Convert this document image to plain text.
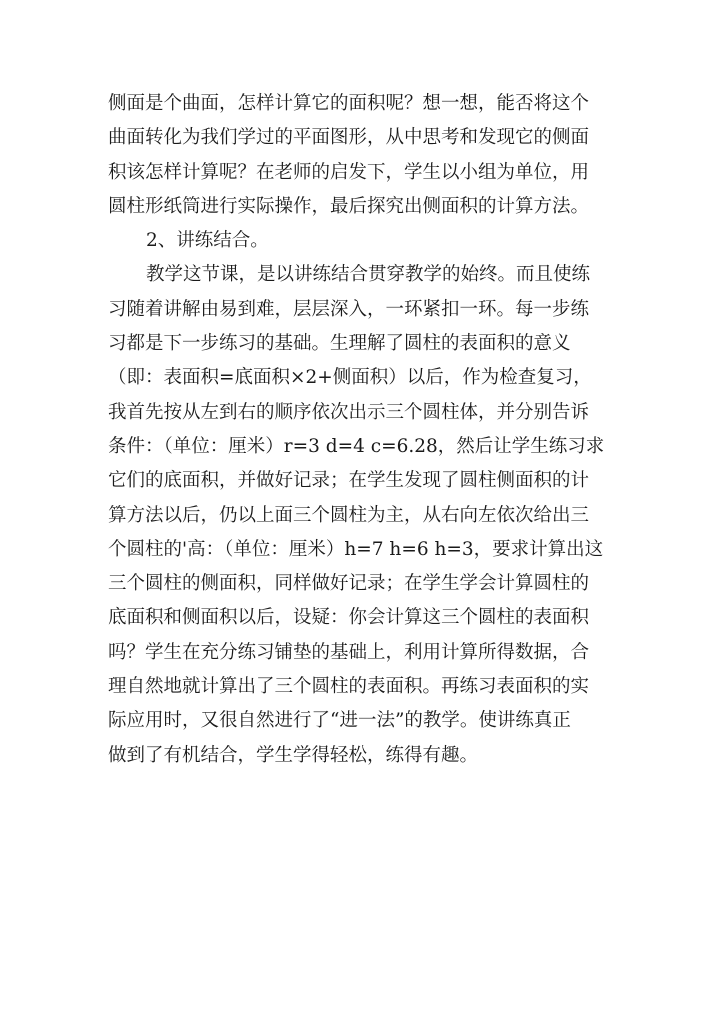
侧面是个曲面，怎样计算它的面积呢？想一想，能否将这个
曲面转化为我们学过的平面图形，从中思考和发现它的侧面
积该怎样计算呢？在老师的启发下，学生以小组为单位，用
圆柱形纸筒进行实际操作，最后探究出侧面积的计算方法。
2、讲练结合。
教学这节课，是以讲练结合贯穿教学的始终。而且使练
习随着讲解由易到难，层层深入，一环紧扣一环。每一步练
习都是下一步练习的基础。生理解了圆柱的表面积的意义
（即：表面积=底面积×2+侧面积）以后，作为检查复习，
我首先按从左到右的顺序依次出示三个圆柱体，并分别告诉
条件：（单位：厘米）r=3 d=4 c=6.28，然后让学生练习求
它们的底面积，并做好记录；在学生发现了圆柱侧面积的计
算方法以后，仍以上面三个圆柱为主，从右向左依次给出三
个圆柱的'高：（单位：厘米）h=7 h=6 h=3，要求计算出这
三个圆柱的侧面积，同样做好记录；在学生学会计算圆柱的
底面积和侧面积以后，设疑：你会计算这三个圆柱的表面积
吗？学生在充分练习铺垫的基础上，利用计算所得数据，合
理自然地就计算出了三个圆柱的表面积。再练习表面积的实
际应用时，又很自然进行了“进一法”的教学。使讲练真正
做到了有机结合，学生学得轻松，练得有趣。
